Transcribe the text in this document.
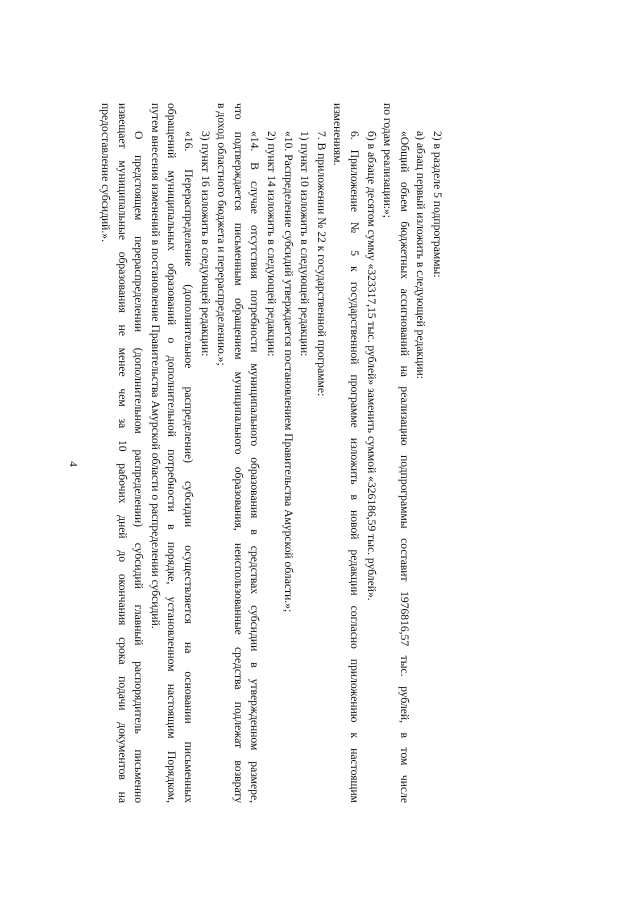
4

2) в разделе 5 подпрограммы:

а) абзац первый изложить в следующей редакции:

«Общий объем бюджетных ассигнований на реализацию подпрограммы составит 1976816,57 тыс. рублей, в том числе

по годам реализации:»;

б) в абзаце десятом сумму «323317,15 тыс. рублей» заменить суммой «326186,59 тыс. рублей».

6. Приложение № 5 к государственной программе изложить в новой редакции согласно приложению к настоящим

изменениям.

7. В приложении № 22 к государственной программе:

1) пункт 10 изложить в следующей редакции:

«10. Распределение субсидий утверждается постановлением Правительства Амурской области.»;

2) пункт 14 изложить в следующей редакции:

«14. В случае отсутствия потребности муниципального образования в средствах субсидии в утвержденном размере,

что подтверждается письменным обращением муниципального образования, неиспользованные средства подлежат возврату

в доход областного бюджета и перераспределению.»;

3) пункт 16 изложить в следующей редакции:

«16. Перераспределение (дополнительное распределение) субсидии осуществляется на основании письменных

обращений муниципальных образований о дополнительной потребности в порядке, установленном настоящим Порядком,

путем внесения изменений в постановление Правительства Амурской области о распределении субсидий.

О предстоящем перераспределении (дополнительном распределении) субсидий главный распорядитель письменно

извещает муниципальные образования не менее чем за 10 рабочих дней до окончания срока подачи документов на

предоставление субсидий.».
